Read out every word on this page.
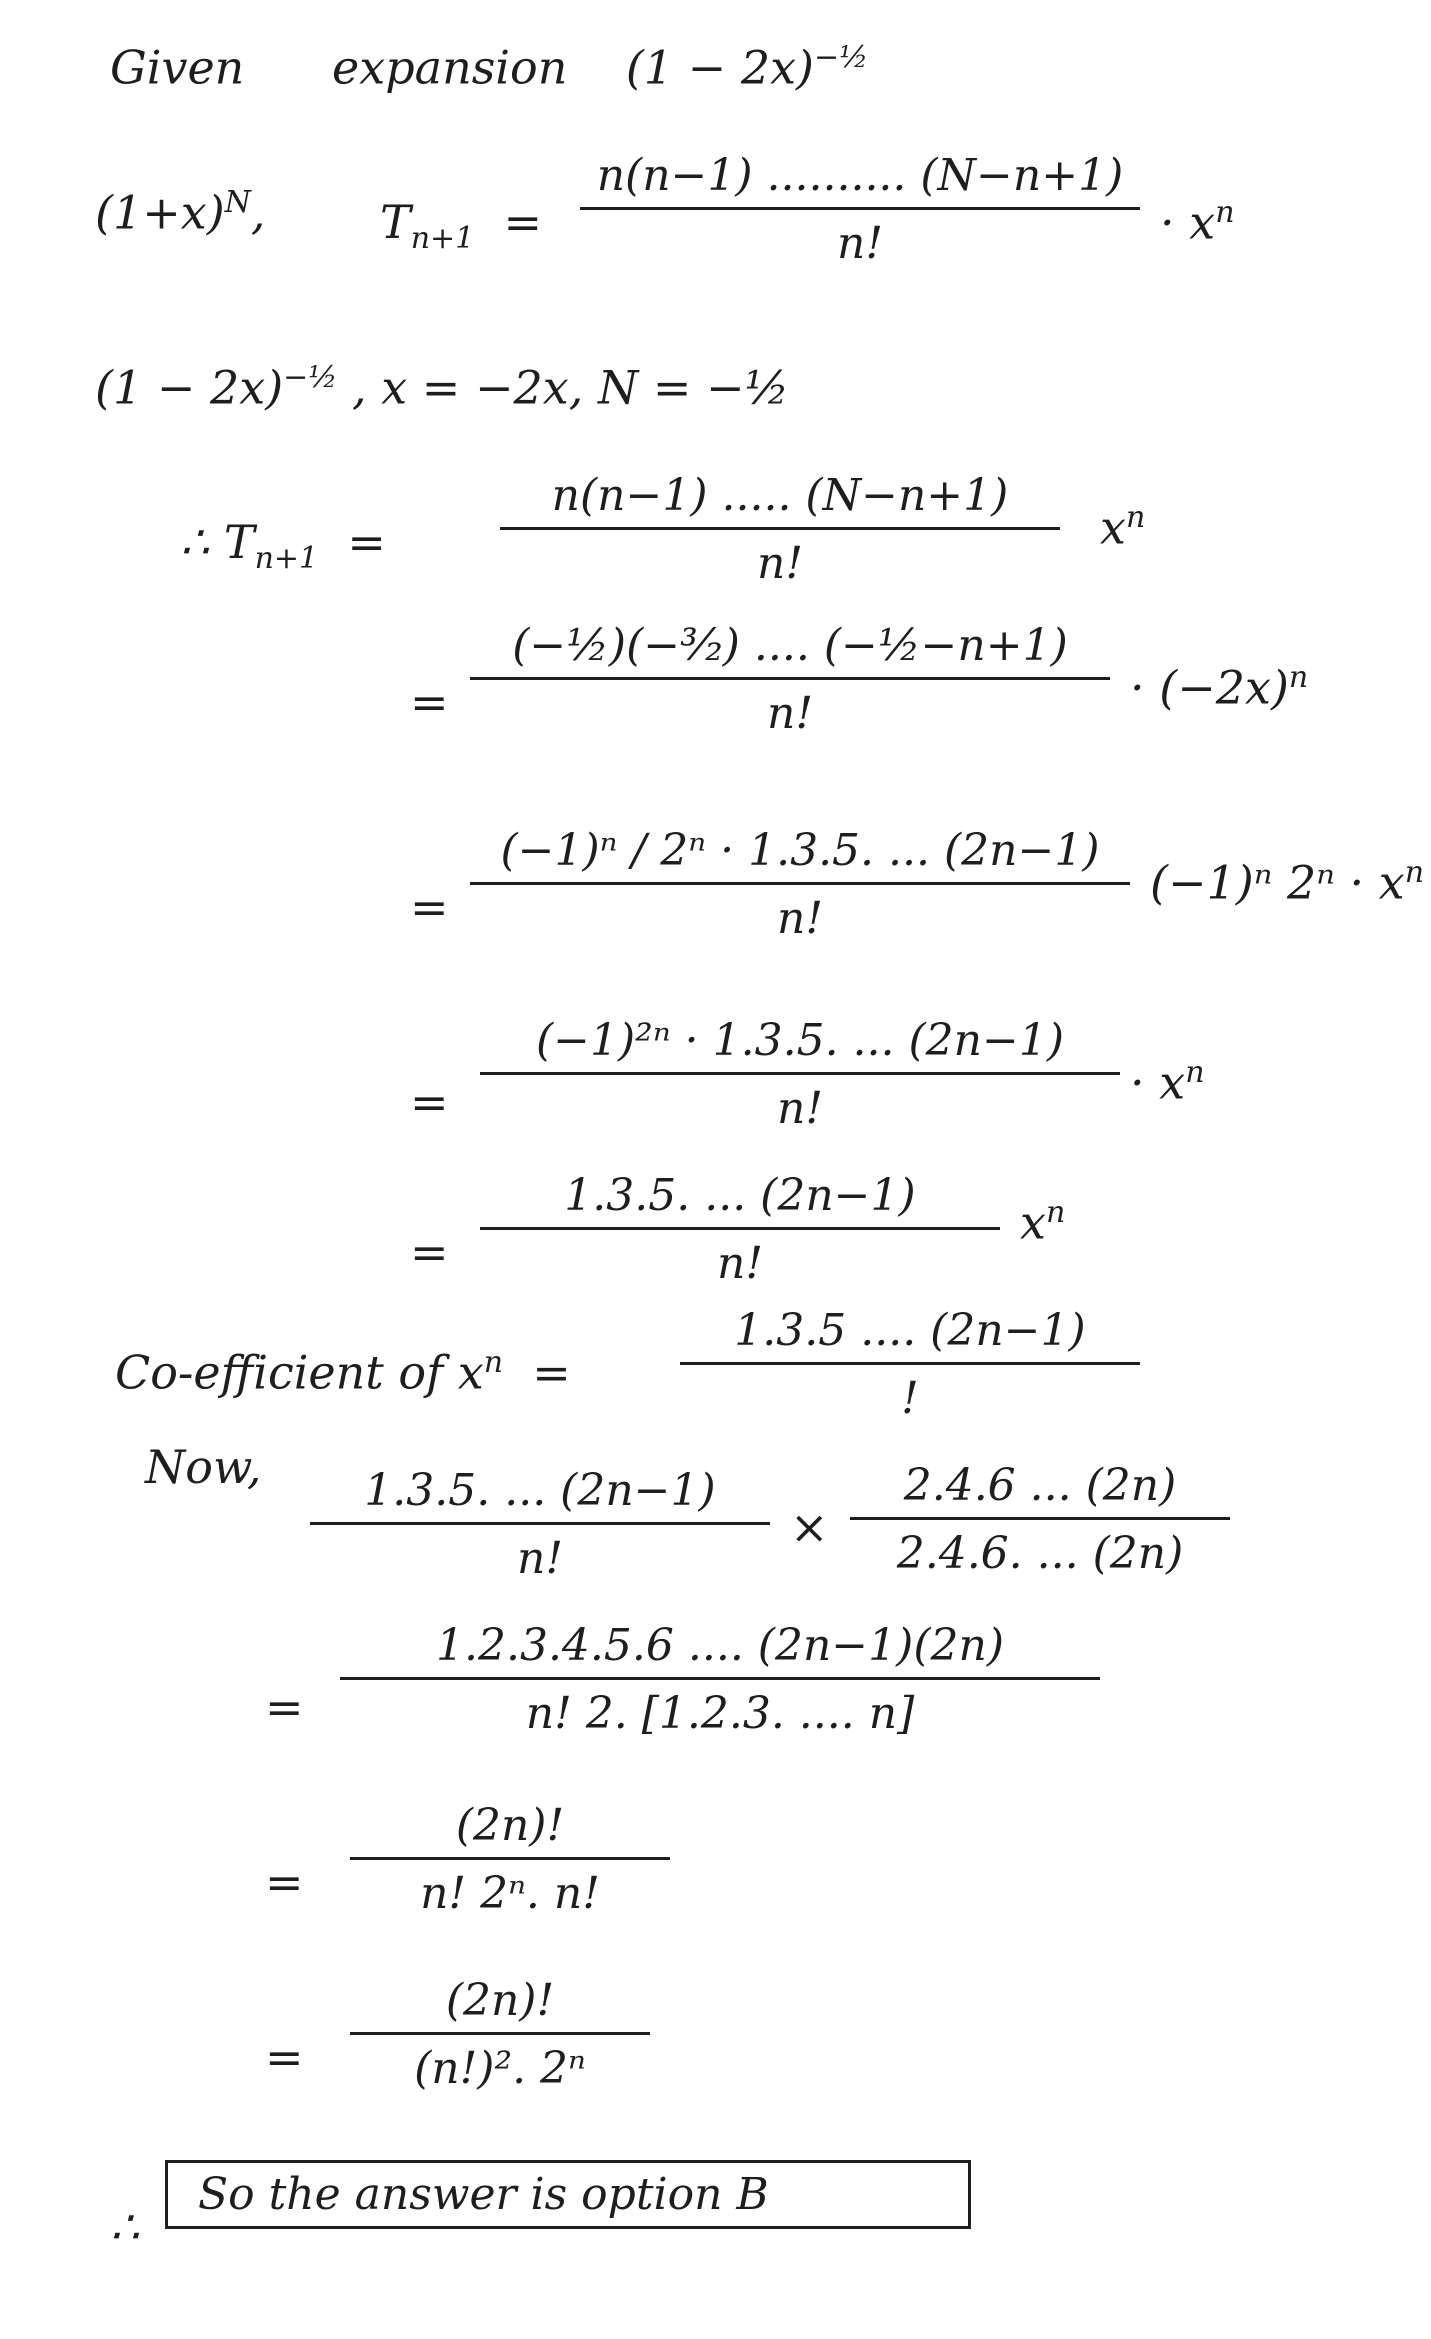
Given expansion $(1 - 2x)^{-\frac{1}{2}}$
$(1+x)^N$, $T_{n+1}$  =
n(n−1) .......... (N−n+1)
n!	· $x^n$
$(1 - 2x)^{-\frac{1}{2}}$ , x = −2x, N = −½
∴ $T_{n+1}$  =
n(n−1) ..... (N−n+1)
n!
$x^n$
=
(−½)(−³⁄₂) .... (−½−n+1)
n!	· $(-2x)^n$
=
(−1)ⁿ / 2ⁿ · 1.3.5. ... (2n−1)
n!
(−1)ⁿ $2^n \cdot x^n$
=
(−1)²ⁿ · 1.3.5. ... (2n−1)
n!	· $x^n$
=
1.3.5. ... (2n−1)
n!
$x^n$
Co-efficient of $x^n$  =
1.3.5 .... (2n−1)
!
Now, 1.3.5. ... (2n−1)
n!
×
2.4.6 ... (2n)
2.4.6. ... (2n)
=
1.2.3.4.5.6 .... (2n−1)(2n)
n! 2. [1.2.3. .... n]
=
(2n)!
n! 2ⁿ. n!
=
(2n)!
(n!)². 2ⁿ
∴
So the answer is option B
